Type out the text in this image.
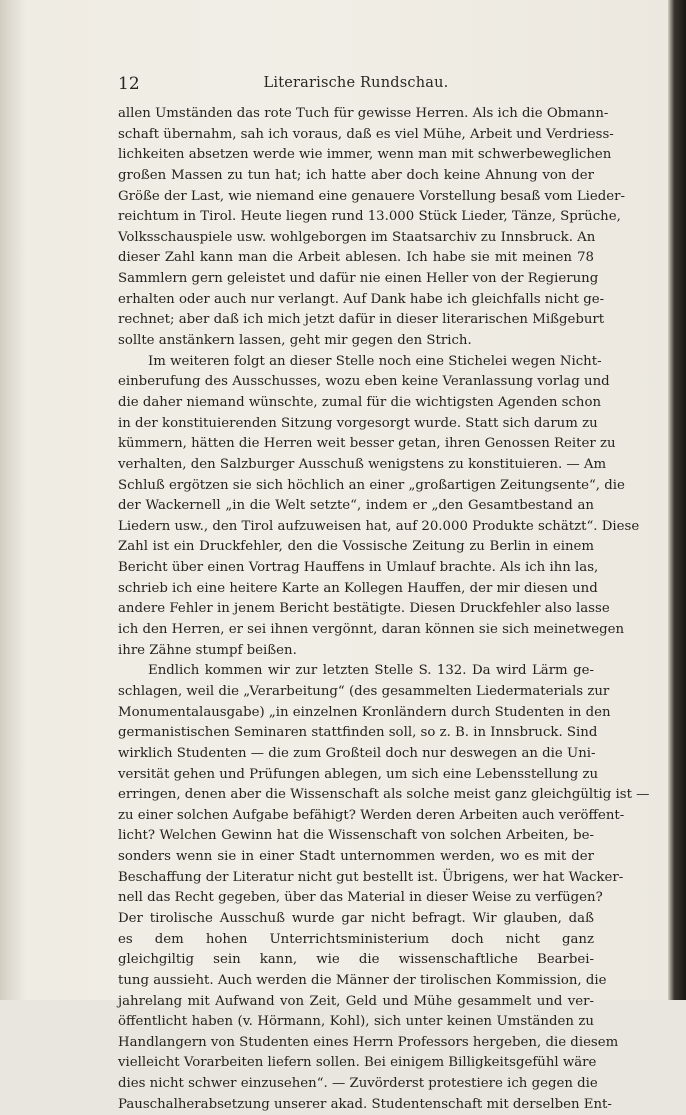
12	Literarische Rundschau.
allen Umständen das rote Tuch für gewisse Herren. Als ich die Obmann-
schaft übernahm, sah ich voraus, daß es viel Mühe, Arbeit und Verdriess-
lichkeiten absetzen werde wie immer, wenn man mit schwerbeweglichen
großen Massen zu tun hat; ich hatte aber doch keine Ahnung von der
Größe der Last, wie niemand eine genauere Vorstellung besaß vom Lieder-
reichtum in Tirol. Heute liegen rund 13.000 Stück Lieder, Tänze, Sprüche,
Volksschauspiele usw. wohlgeborgen im Staatsarchiv zu Innsbruck. An
dieser Zahl kann man die Arbeit ablesen. Ich habe sie mit meinen 78
Sammlern gern geleistet und dafür nie einen Heller von der Regierung
erhalten oder auch nur verlangt. Auf Dank habe ich gleichfalls nicht ge-
rechnet; aber daß ich mich jetzt dafür in dieser literarischen Mißgeburt
sollte anstänkern lassen, geht mir gegen den Strich.
Im weiteren folgt an dieser Stelle noch eine Stichelei wegen Nicht-
einberufung des Ausschusses, wozu eben keine Veranlassung vorlag und
die daher niemand wünschte, zumal für die wichtigsten Agenden schon
in der konstituierenden Sitzung vorgesorgt wurde. Statt sich darum zu
kümmern, hätten die Herren weit besser getan, ihren Genossen Reiter zu
verhalten, den Salzburger Ausschuß wenigstens zu konstituieren. — Am
Schluß ergötzen sie sich höchlich an einer „großartigen Zeitungsente“, die
der Wackernell „in die Welt setzte“, indem er „den Gesamtbestand an
Liedern usw., den Tirol aufzuweisen hat, auf 20.000 Produkte schätzt“. Diese
Zahl ist ein Druckfehler, den die Vossische Zeitung zu Berlin in einem
Bericht über einen Vortrag Hauffens in Umlauf brachte. Als ich ihn las,
schrieb ich eine heitere Karte an Kollegen Hauffen, der mir diesen und
andere Fehler in jenem Bericht bestätigte. Diesen Druckfehler also lasse
ich den Herren, er sei ihnen vergönnt, daran können sie sich meinetwegen
ihre Zähne stumpf beißen.
Endlich kommen wir zur letzten Stelle S. 132. Da wird Lärm ge-
schlagen, weil die „Verarbeitung“ (des gesammelten Liedermaterials zur
Monumentalausgabe) „in einzelnen Kronländern durch Studenten in den
germanistischen Seminaren stattfinden soll, so z. B. in Innsbruck. Sind
wirklich Studenten — die zum Großteil doch nur deswegen an die Uni-
versität gehen und Prüfungen ablegen, um sich eine Lebensstellung zu
erringen, denen aber die Wissenschaft als solche meist ganz gleichgültig ist —
zu einer solchen Aufgabe befähigt? Werden deren Arbeiten auch veröffent-
licht? Welchen Gewinn hat die Wissenschaft von solchen Arbeiten, be-
sonders wenn sie in einer Stadt unternommen werden, wo es mit der
Beschaffung der Literatur nicht gut bestellt ist. Übrigens, wer hat Wacker-
nell das Recht gegeben, über das Material in dieser Weise zu verfügen?
Der tirolische Ausschuß wurde gar nicht befragt. Wir glauben, daß
es dem hohen Unterrichtsministerium doch nicht ganz
gleichgiltig sein kann, wie die wissenschaftliche Bearbei-
tung aussieht. Auch werden die Männer der tirolischen Kommission, die
jahrelang mit Aufwand von Zeit, Geld und Mühe gesammelt und ver-
öffentlicht haben (v. Hörmann, Kohl), sich unter keinen Umständen zu
Handlangern von Studenten eines Herrn Professors hergeben, die diesem
vielleicht Vorarbeiten liefern sollen. Bei einigem Billigkeitsgefühl wäre
dies nicht schwer einzusehen“. — Zuvörderst protestiere ich gegen die
Pauschalherabsetzung unserer akad. Studentenschaft mit derselben Ent-
